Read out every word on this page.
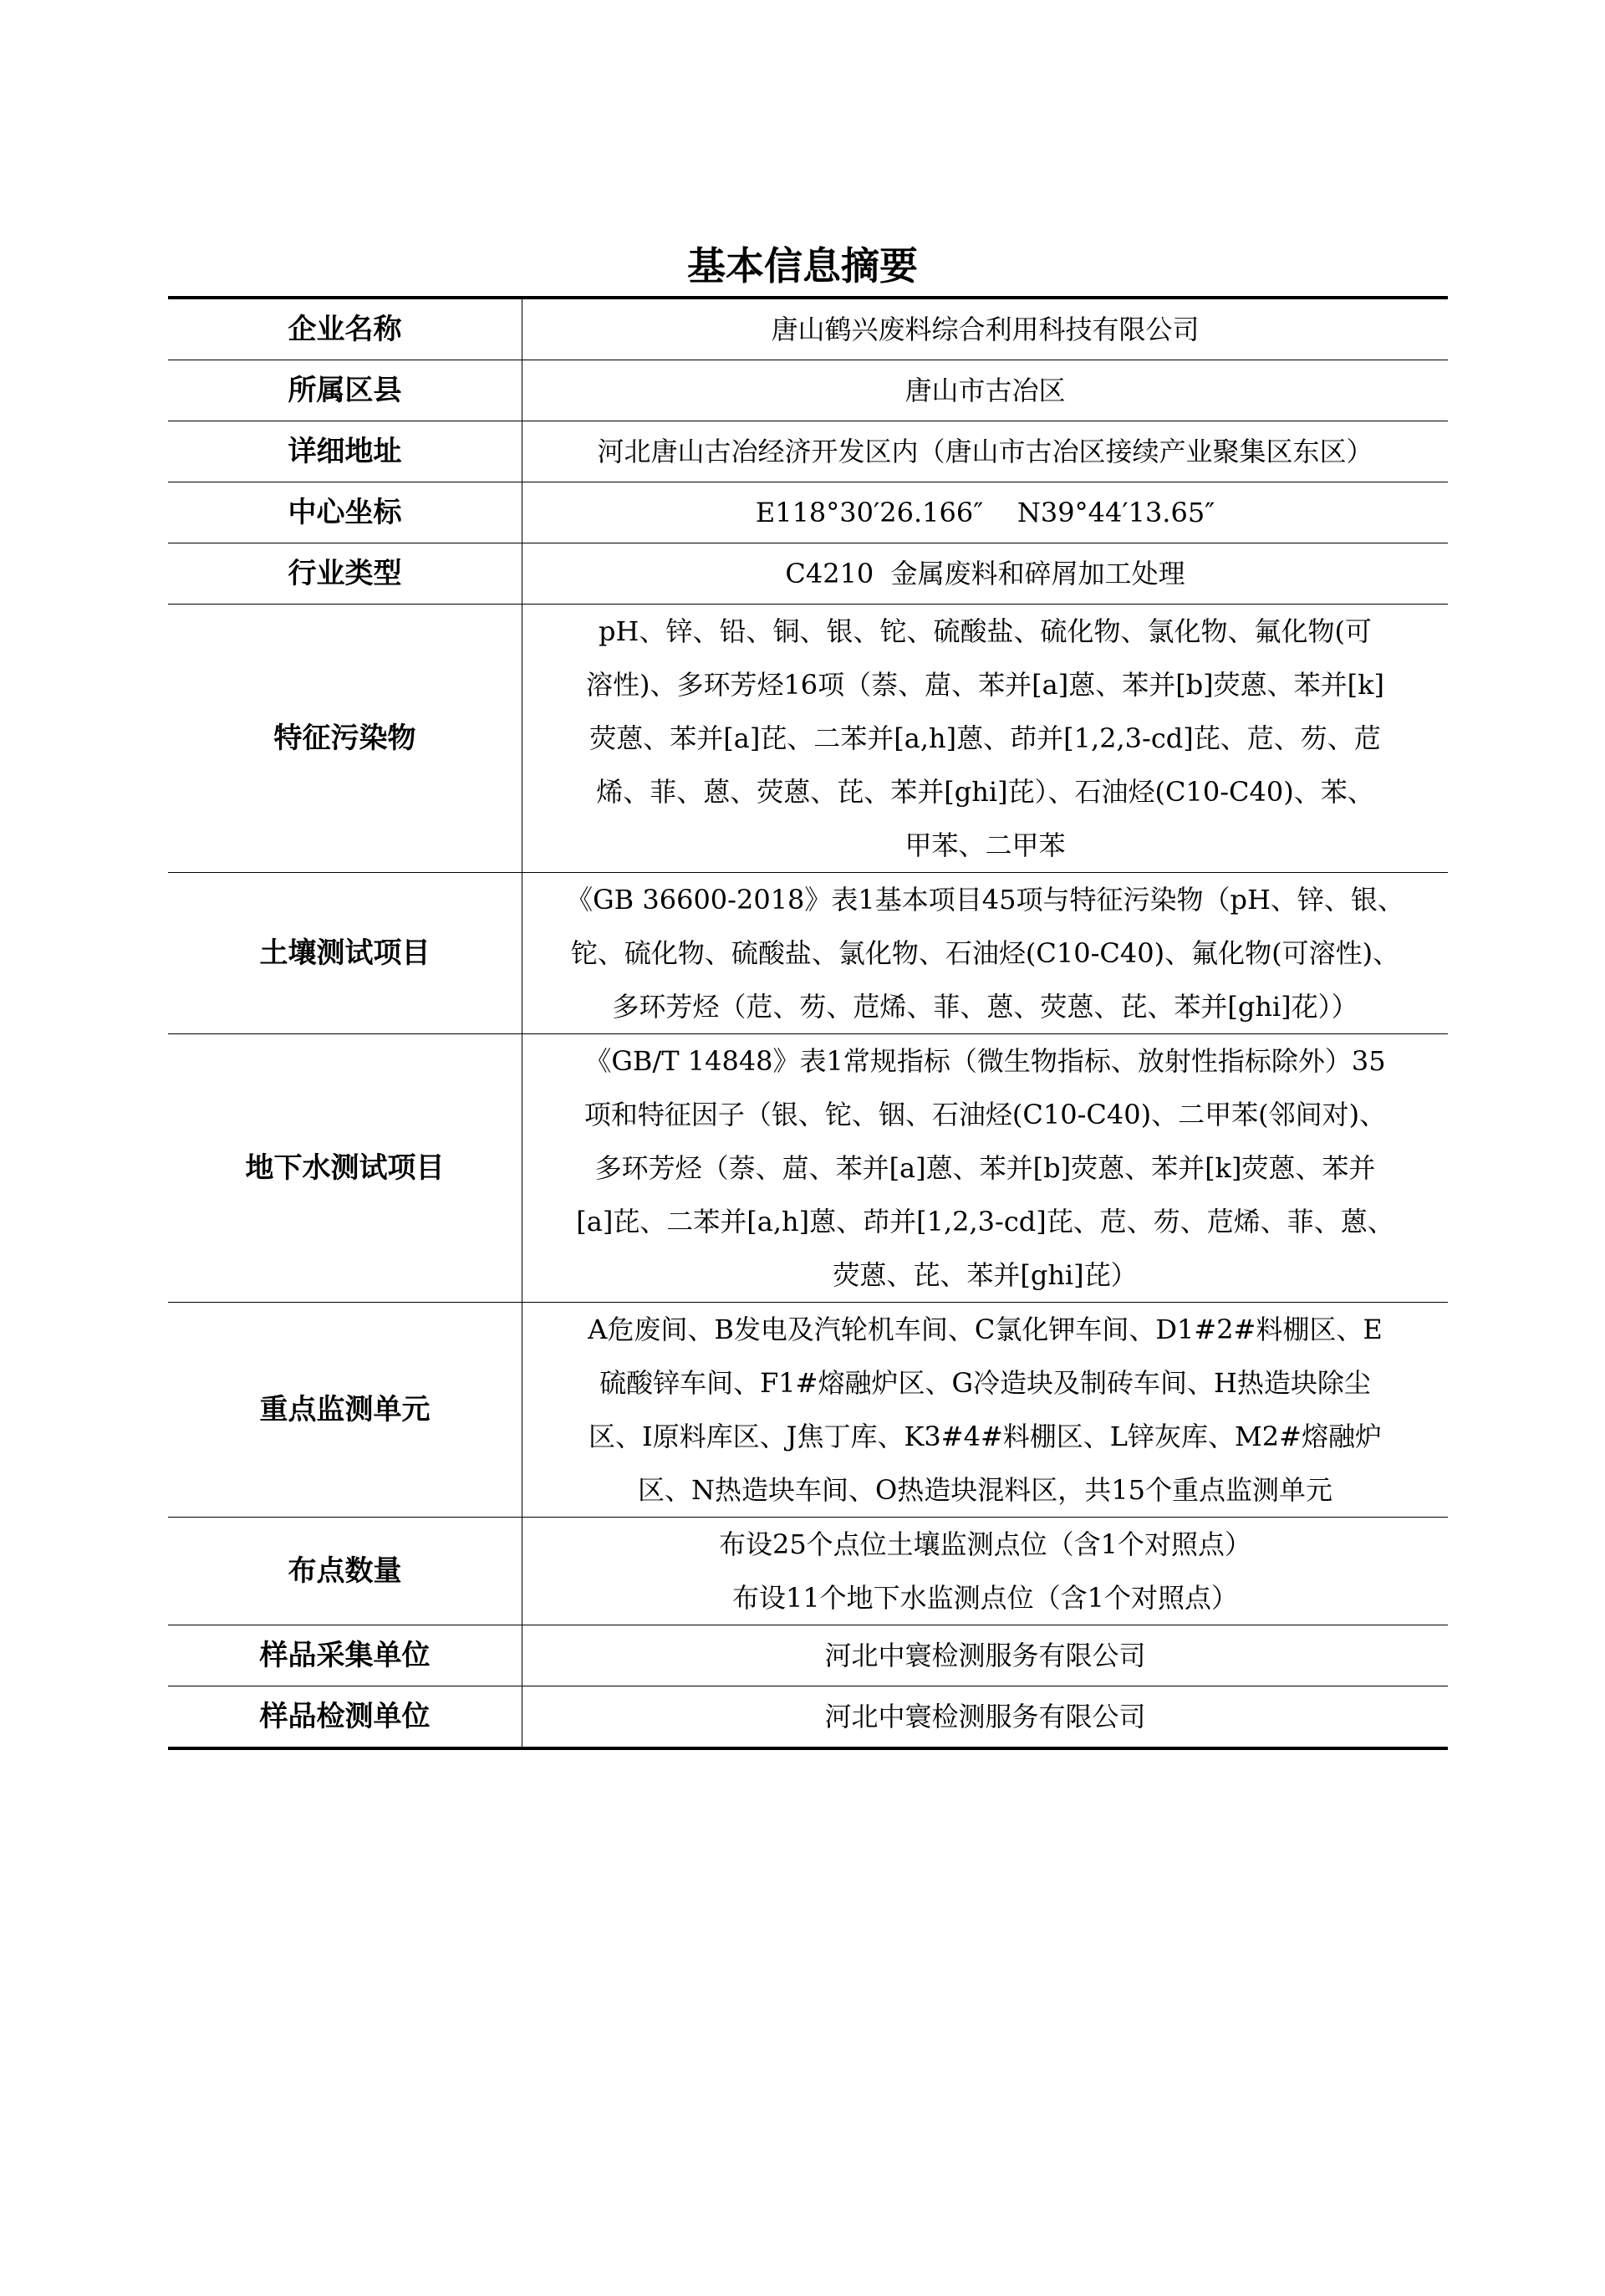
基本信息摘要
企业名称	唐山鹤兴废料综合利用科技有限公司

所属区县	唐山市古冶区

详细地址	河北唐山古冶经济开发区内（唐山市古冶区接续产业聚集区东区）

中心坐标	E118°30′26.166″    N39°44′13.65″

行业类型	C4210  金属废料和碎屑加工处理

特征污染物	pH、锌、铅、铜、银、铊、硫酸盐、硫化物、氯化物、氟化物(可
溶性)、多环芳烃16项（萘、䓛、苯并[a]蒽、苯并[b]荧蒽、苯并[k]
荧蒽、苯并[a]芘、二苯并[a,h]蒽、茚并[1,2,3-cd]芘、苊、芴、苊
烯、菲、蒽、荧蒽、芘、苯并[ghi]芘）、石油烃(C10-C40)、苯、
甲苯、二甲苯

土壤测试项目	《GB 36600-2018》表1基本项目45项与特征污染物（pH、锌、银、
铊、硫化物、硫酸盐、氯化物、石油烃(C10-C40)、氟化物(可溶性)、
多环芳烃（苊、芴、苊烯、菲、蒽、荧蒽、芘、苯并[ghi]花））

地下水测试项目	《GB/T 14848》表1常规指标（微生物指标、放射性指标除外）35
项和特征因子（银、铊、铟、石油烃(C10-C40)、二甲苯(邻间对)、
多环芳烃（萘、䓛、苯并[a]蒽、苯并[b]荧蒽、苯并[k]荧蒽、苯并
[a]芘、二苯并[a,h]蒽、茚并[1,2,3-cd]芘、苊、芴、苊烯、菲、蒽、
荧蒽、芘、苯并[ghi]芘）

重点监测单元	A危废间、B发电及汽轮机车间、C氯化钾车间、D1#2#料棚区、E
硫酸锌车间、F1#熔融炉区、G冷造块及制砖车间、H热造块除尘
区、I原料库区、J焦丁库、K3#4#料棚区、L锌灰库、M2#熔融炉
区、N热造块车间、O热造块混料区，共15个重点监测单元

布点数量	布设25个点位土壤监测点位（含1个对照点）
布设11个地下水监测点位（含1个对照点）

样品采集单位	河北中寰检测服务有限公司

样品检测单位	河北中寰检测服务有限公司
